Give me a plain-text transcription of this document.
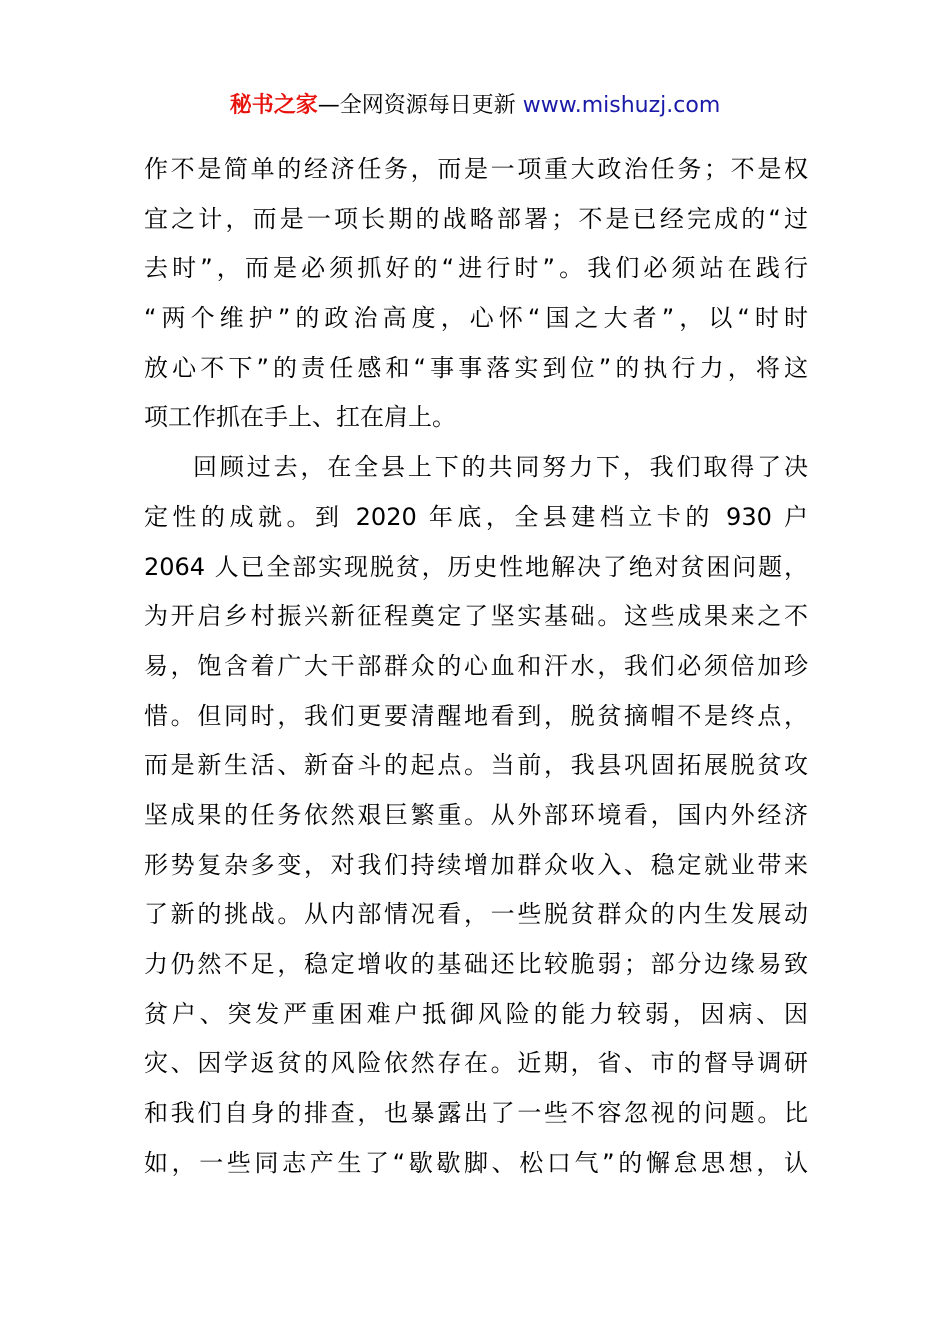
秘书之家—全网资源每日更新 www.mishuzj.com
作不是简单的经济任务，而是一项重大政治任务；不是权
宜之计，而是一项长期的战略部署；不是已经完成的“过
去时”，而是必须抓好的“进行时”。我们必须站在践行
“两个维护”的政治高度，心怀“国之大者”，以“时时
放心不下”的责任感和“事事落实到位”的执行力，将这
项工作抓在手上、扛在肩上。
回顾过去，在全县上下的共同努力下，我们取得了决
定性的成就。到 2020 年底，全县建档立卡的 930 户
2064 人已全部实现脱贫，历史性地解决了绝对贫困问题，
为开启乡村振兴新征程奠定了坚实基础。这些成果来之不
易，饱含着广大干部群众的心血和汗水，我们必须倍加珍
惜。但同时，我们更要清醒地看到，脱贫摘帽不是终点，
而是新生活、新奋斗的起点。当前，我县巩固拓展脱贫攻
坚成果的任务依然艰巨繁重。从外部环境看，国内外经济
形势复杂多变，对我们持续增加群众收入、稳定就业带来
了新的挑战。从内部情况看，一些脱贫群众的内生发展动
力仍然不足，稳定增收的基础还比较脆弱；部分边缘易致
贫户、突发严重困难户抵御风险的能力较弱，因病、因
灾、因学返贫的风险依然存在。近期，省、市的督导调研
和我们自身的排查，也暴露出了一些不容忽视的问题。比
如，一些同志产生了“歇歇脚、松口气”的懈怠思想，认
